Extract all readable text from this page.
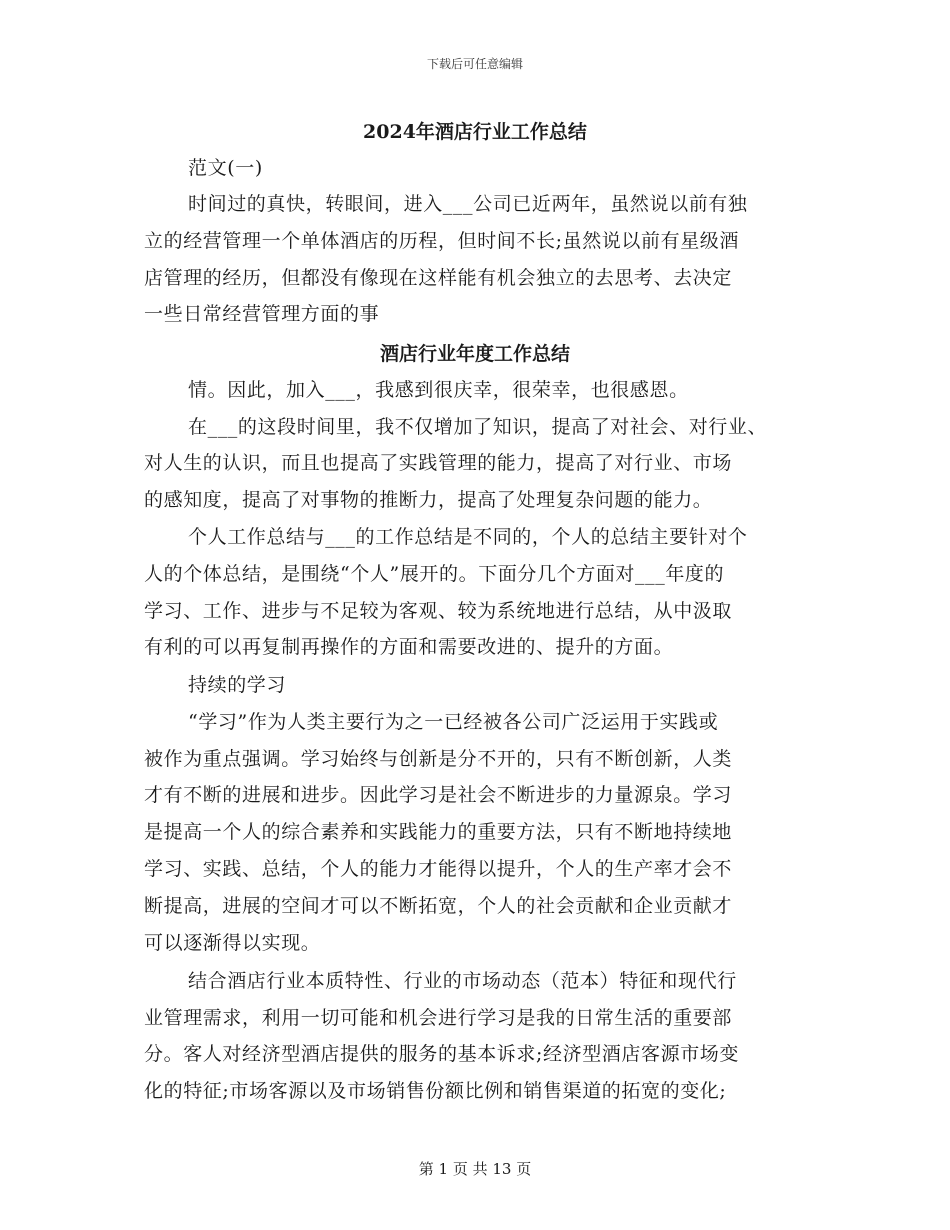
下载后可任意编辑
2024年酒店行业工作总结
范文(一)
时间过的真快，转眼间，进入___公司已近两年，虽然说以前有独
立的经营管理一个单体酒店的历程，但时间不长;虽然说以前有星级酒
店管理的经历，但都没有像现在这样能有机会独立的去思考、去决定
一些日常经营管理方面的事
酒店行业年度工作总结
情。因此，加入___，我感到很庆幸，很荣幸，也很感恩。
在___的这段时间里，我不仅增加了知识，提高了对社会、对行业、
对人生的认识，而且也提高了实践管理的能力，提高了对行业、市场
的感知度，提高了对事物的推断力，提高了处理复杂问题的能力。
个人工作总结与___的工作总结是不同的，个人的总结主要针对个
人的个体总结，是围绕“个人”展开的。下面分几个方面对___年度的
学习、工作、进步与不足较为客观、较为系统地进行总结，从中汲取
有利的可以再复制再操作的方面和需要改进的、提升的方面。
持续的学习
“学习”作为人类主要行为之一已经被各公司广泛运用于实践或
被作为重点强调。学习始终与创新是分不开的，只有不断创新，人类
才有不断的进展和进步。因此学习是社会不断进步的力量源泉。学习
是提高一个人的综合素养和实践能力的重要方法，只有不断地持续地
学习、实践、总结，个人的能力才能得以提升，个人的生产率才会不
断提高，进展的空间才可以不断拓宽，个人的社会贡献和企业贡献才
可以逐渐得以实现。
结合酒店行业本质特性、行业的市场动态（范本）特征和现代行
业管理需求，利用一切可能和机会进行学习是我的日常生活的重要部
分。客人对经济型酒店提供的服务的基本诉求;经济型酒店客源市场变
化的特征;市场客源以及市场销售份额比例和销售渠道的拓宽的变化;
第 1 页 共 13 页
